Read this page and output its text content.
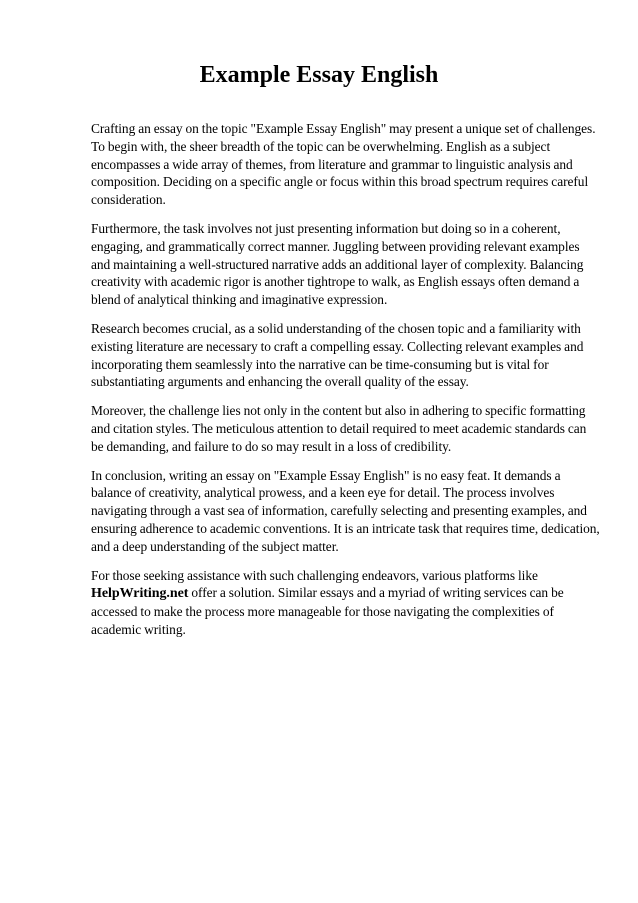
Example Essay English

Crafting an essay on the topic "Example Essay English" may present a unique set of challenges. To begin with, the sheer breadth of the topic can be overwhelming. English as a subject encompasses a wide array of themes, from literature and grammar to linguistic analysis and composition. Deciding on a specific angle or focus within this broad spectrum requires careful consideration.

Furthermore, the task involves not just presenting information but doing so in a coherent, engaging, and grammatically correct manner. Juggling between providing relevant examples and maintaining a well-structured narrative adds an additional layer of complexity. Balancing creativity with academic rigor is another tightrope to walk, as English essays often demand a blend of analytical thinking and imaginative expression.

Research becomes crucial, as a solid understanding of the chosen topic and a familiarity with existing literature are necessary to craft a compelling essay. Collecting relevant examples and incorporating them seamlessly into the narrative can be time-consuming but is vital for substantiating arguments and enhancing the overall quality of the essay.

Moreover, the challenge lies not only in the content but also in adhering to specific formatting and citation styles. The meticulous attention to detail required to meet academic standards can be demanding, and failure to do so may result in a loss of credibility.

In conclusion, writing an essay on "Example Essay English" is no easy feat. It demands a balance of creativity, analytical prowess, and a keen eye for detail. The process involves navigating through a vast sea of information, carefully selecting and presenting examples, and ensuring adherence to academic conventions. It is an intricate task that requires time, dedication, and a deep understanding of the subject matter.

For those seeking assistance with such challenging endeavors, various platforms like HelpWriting.net offer a solution. Similar essays and a myriad of writing services can be accessed to make the process more manageable for those navigating the complexities of academic writing.
